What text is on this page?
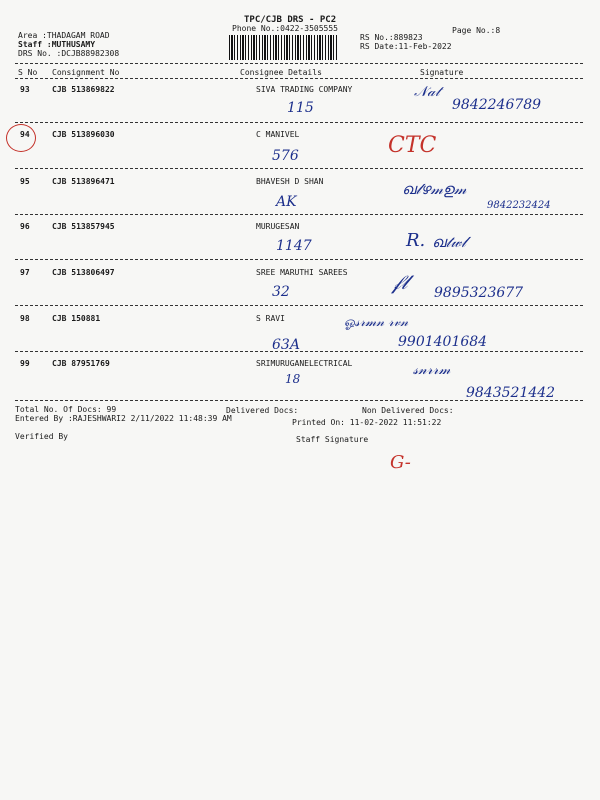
TPC/CJB DRS - PC2
Phone No.:0422-3505555	Page No.:8
Area :THADAGAM ROAD
Staff :MUTHUSAMY
DRS No. :DCJB88982308
RS No.:889823
RS Date:11-Feb-2022
S No Consignment No	Consignee Details	Signature
93	CJB 513869822	SIVA TRADING COMPANY
115
𝒩𝒶𝓉
9842246789
94	CJB 513896030	C MANIVEL
576	CTC
95	CJB 513896471	BHAVESH D SHAN
AK
ഖ𝓁ഴ𝓂ഉ𝓂
9842232424
96	CJB 513857945	MURUGESAN
1147	R. ഖ𝓉𝓌𝓁
97	CJB 513806497	SREE MARUTHI SAREES
32	𝒻𝓁 9895323677
98	CJB 150881	S RAVI
63A
ஓ𝓈𝓇𝓂𝓃 𝓇𝓋𝓃
9901401684
99	CJB 87951769	SRIMURUGANELECTRICAL
18
𝓈𝓃𝓇𝓇𝓂
9843521442
Total No. Of Docs: 99	Delivered Docs:	Non Delivered Docs:
Entered By :RAJESHWARI2 2/11/2022 11:48:39 AM	Printed On: 11-02-2022 11:51:22
Verified By	Staff Signature
G-
